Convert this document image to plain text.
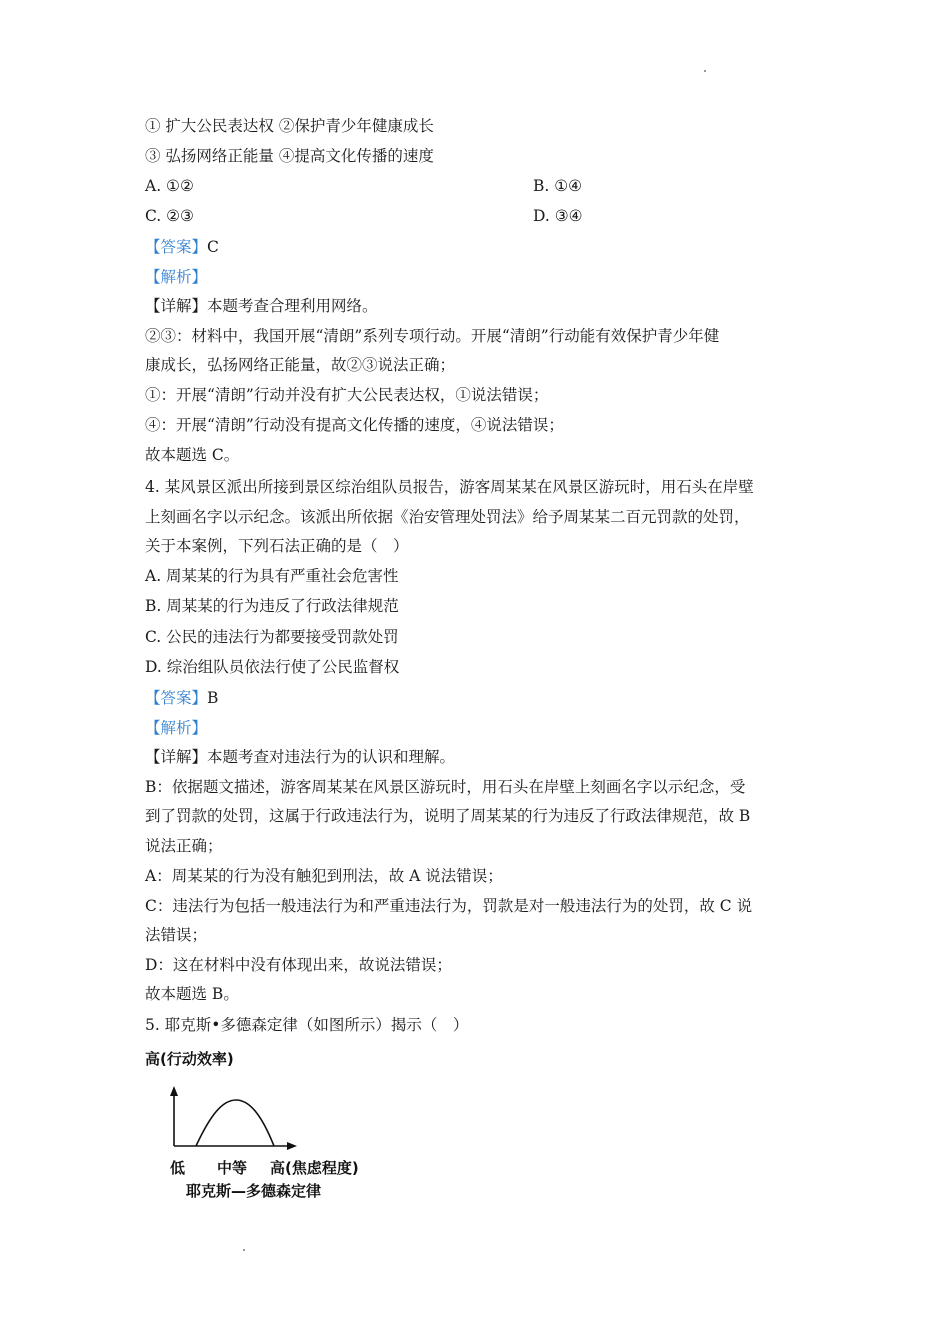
① 扩大公民表达权 ②保护青少年健康成长
③ 弘扬网络正能量 ④提高文化传播的速度
A. ①②	B. ①④
C. ②③	D. ③④
【答案】C
【解析】
【详解】本题考查合理利用网络。
②③：材料中，我国开展“清朗”系列专项行动。开展“清朗”行动能有效保护青少年健
康成长，弘扬网络正能量，故②③说法正确；
①：开展“清朗”行动并没有扩大公民表达权，①说法错误；
④：开展“清朗”行动没有提高文化传播的速度，④说法错误；
故本题选 C。
4. 某风景区派出所接到景区综治组队员报告，游客周某某在风景区游玩时，用石头在岸壁
上刻画名字以示纪念。该派出所依据《治安管理处罚法》给予周某某二百元罚款的处罚，
关于本案例，下列石法正确的是（　）
A. 周某某的行为具有严重社会危害性
B. 周某某的行为违反了行政法律规范
C. 公民的违法行为都要接受罚款处罚
D. 综治组队员依法行使了公民监督权
【答案】B
【解析】
【详解】本题考查对违法行为的认识和理解。
B：依据题文描述，游客周某某在风景区游玩时，用石头在岸壁上刻画名字以示纪念，受
到了罚款的处罚，这属于行政违法行为，说明了周某某的行为违反了行政法律规范，故 B
说法正确；
A：周某某的行为没有触犯到刑法，故 A 说法错误；
C：违法行为包括一般违法行为和严重违法行为，罚款是对一般违法行为的处罚，故 C 说
法错误；
D：这在材料中没有体现出来，故说法错误；
故本题选 B。
5. 耶克斯•多德森定律（如图所示）揭示（　）
高(行动效率)
低 中等 高(焦虑程度)
耶克斯—多德森定律
